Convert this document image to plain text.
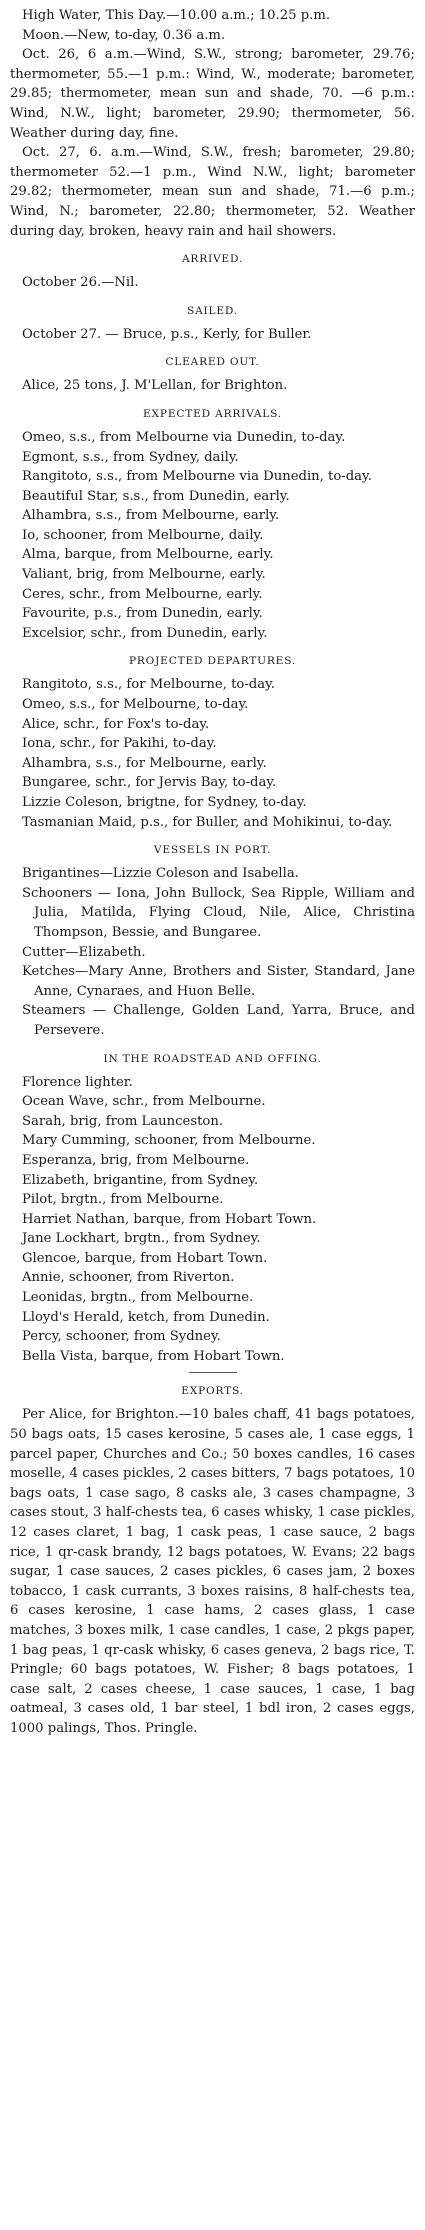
High Water, This Day.—10.00 a.m.; 10.25 p.m.

Moon.—New, to-day, 0.36 a.m.

Oct. 26, 6 a.m.—Wind, S.W., strong; barometer, 29.76; thermometer, 55.—1 p.m.: Wind, W., moderate; barometer, 29.85; thermometer, mean sun and shade, 70. —6 p.m.: Wind, N.W., light; barometer, 29.90; thermometer, 56. Weather during day, fine.

Oct. 27, 6. a.m.—Wind, S.W., fresh; barometer, 29.80; thermometer 52.—1 p.m., Wind N.W., light; barometer 29.82; thermometer, mean sun and shade, 71.—6 p.m.; Wind, N.; barometer, 22.80; thermometer, 52. Weather during day, broken, heavy rain and hail showers.

ARRIVED.

October 26.—Nil.

SAILED.

October 27. — Bruce, p.s., Kerly, for Buller.

CLEARED OUT.

Alice, 25 tons, J. M'Lellan, for Brighton.

EXPECTED ARRIVALS.

Omeo, s.s., from Melbourne via Dunedin, to-day.

Egmont, s.s., from Sydney, daily.

Rangitoto, s.s., from Melbourne via Dunedin, to-day.

Beautiful Star, s.s., from Dunedin, early.

Alhambra, s.s., from Melbourne, early.

Io, schooner, from Melbourne, daily.

Alma, barque, from Melbourne, early.

Valiant, brig, from Melbourne, early.

Ceres, schr., from Melbourne, early.

Favourite, p.s., from Dunedin, early.

Excelsior, schr., from Dunedin, early.

PROJECTED DEPARTURES.

Rangitoto, s.s., for Melbourne, to-day.

Omeo, s.s., for Melbourne, to-day.

Alice, schr., for Fox's to-day.

Iona, schr., for Pakihi, to-day.

Alhambra, s.s., for Melbourne, early.

Bungaree, schr., for Jervis Bay, to-day.

Lizzie Coleson, brigtne, for Sydney, to-day.

Tasmanian Maid, p.s., for Buller, and Mohikinui, to-day.

VESSELS IN PORT.

Brigantines—Lizzie Coleson and Isabella.

Schooners — Iona, John Bullock, Sea Ripple, William and Julia, Matilda, Flying Cloud, Nile, Alice, Christina Thompson, Bessie, and Bungaree.

Cutter—Elizabeth.

Ketches—Mary Anne, Brothers and Sister, Standard, Jane Anne, Cynaraes, and Huon Belle.

Steamers — Challenge, Golden Land, Yarra, Bruce, and Persevere.

IN THE ROADSTEAD AND OFFING.

Florence lighter.

Ocean Wave, schr., from Melbourne.

Sarah, brig, from Launceston.

Mary Cumming, schooner, from Melbourne.

Esperanza, brig, from Melbourne.

Elizabeth, brigantine, from Sydney.

Pilot, brgtn., from Melbourne.

Harriet Nathan, barque, from Hobart Town.

Jane Lockhart, brgtn., from Sydney.

Glencoe, barque, from Hobart Town.

Annie, schooner, from Riverton.

Leonidas, brgtn., from Melbourne.

Lloyd's Herald, ketch, from Dunedin.

Percy, schooner, from Sydney.

Bella Vista, barque, from Hobart Town.

EXPORTS.

Per Alice, for Brighton.—10 bales chaff, 41 bags potatoes, 50 bags oats, 15 cases kerosine, 5 cases ale, 1 case eggs, 1 parcel paper, Churches and Co.; 50 boxes candles, 16 cases moselle, 4 cases pickles, 2 cases bitters, 7 bags potatoes, 10 bags oats, 1 case sago, 8 casks ale, 3 cases champagne, 3 cases stout, 3 half-chests tea, 6 cases whisky, 1 case pickles, 12 cases claret, 1 bag, 1 cask peas, 1 case sauce, 2 bags rice, 1 qr-cask brandy, 12 bags potatoes, W. Evans; 22 bags sugar, 1 case sauces, 2 cases pickles, 6 cases jam, 2 boxes tobacco, 1 cask currants, 3 boxes raisins, 8 half-chests tea, 6 cases kerosine, 1 case hams, 2 cases glass, 1 case matches, 3 boxes milk, 1 case candles, 1 case, 2 pkgs paper, 1 bag peas, 1 qr-cask whisky, 6 cases geneva, 2 bags rice, T. Pringle; 60 bags potatoes, W. Fisher; 8 bags potatoes, 1 case salt, 2 cases cheese, 1 case sauces, 1 case, 1 bag oatmeal, 3 cases old, 1 bar steel, 1 bdl iron, 2 cases eggs, 1000 palings, Thos. Pringle.
